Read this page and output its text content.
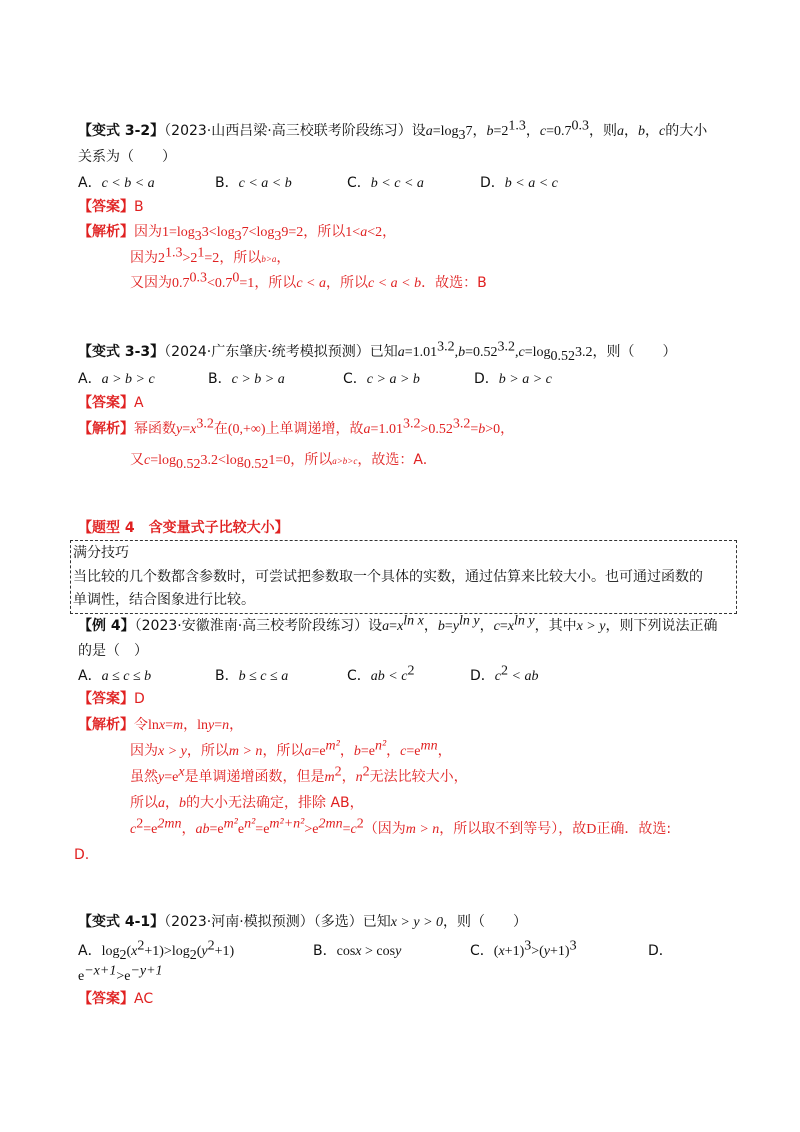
【变式 3-2】（2023·山西吕梁·高三校联考阶段练习）设$a=\log_37$，$b=2^{1.3}$，$c=0.7^{0.3}$，则a，b，c的大小
关系为（　　）
A．c < b < a	B．c < a < b	C．b < c < a	D．b < a < c
【答案】B
【解析】因为$1=\log_33<\log_37<\log_39=2$，所以1<a<2，
因为$2^{1.3}>2^1=2$，所以b>a，
又因为$0.7^{0.3}<0.7^0=1$，所以c < a，所以c < a < b．故选：B
【变式 3-3】（2024·广东肇庆·统考模拟预测）已知$a=1.01^{3.2},b=0.52^{3.2},c=\log_{0.52}3.2$，则（　　）
A．a > b > c	B．c > b > a	C．c > a > b	D．b > a > c
【答案】A
【解析】幂函数$y=x^{3.2}$在(0,+∞)上单调递增，故$a=1.01^{3.2}>0.52^{3.2}=b>0$，
又$c=\log_{0.52}3.2<\log_{0.52}1=0$，所以a>b>c，故选：A.
【题型 4　含变量式子比较大小】
满分技巧
当比较的几个数都含参数时，可尝试把参数取一个具体的实数，通过估算来比较大小。也可通过函数的
单调性，结合图象进行比较。
【例 4】（2023·安徽淮南·高三校考阶段练习）设$a=x^{ln x}$，$b=y^{ln y}$，$c=x^{ln y}$，其中x > y，则下列说法正确
的是（　）
A．a ≤ c ≤ b	B．b ≤ c ≤ a	C．ab < $c^2$	D．$c^2$ < ab
【答案】D
【解析】令lnx=m，lny=n，
因为x > y，所以m > n，所以$a=e^{m^2}$，$b=e^{n^2}$，$c=e^{mn}$，
虽然$y=e^x$是单调递增函数，但是$m^2$，$n^2$无法比较大小，
所以a，b的大小无法确定，排除 AB，
$c^2=e^{2mn}$，$ab=e^{m^2}e^{n^2}=e^{m^2+n^2}>e^{2mn}=c^2$（因为m > n，所以取不到等号），故D正确．故选:
D.
【变式 4-1】（2023·河南·模拟预测）（多选）已知x > y > 0，则（　　）
A．$\log_2(x^2+1)>\log_2(y^2+1)$	B．cosx > cosy	C．$(x+1)^3>(y+1)^3$	D．
$e^{-x+1}>e^{-y+1}$
【答案】AC
